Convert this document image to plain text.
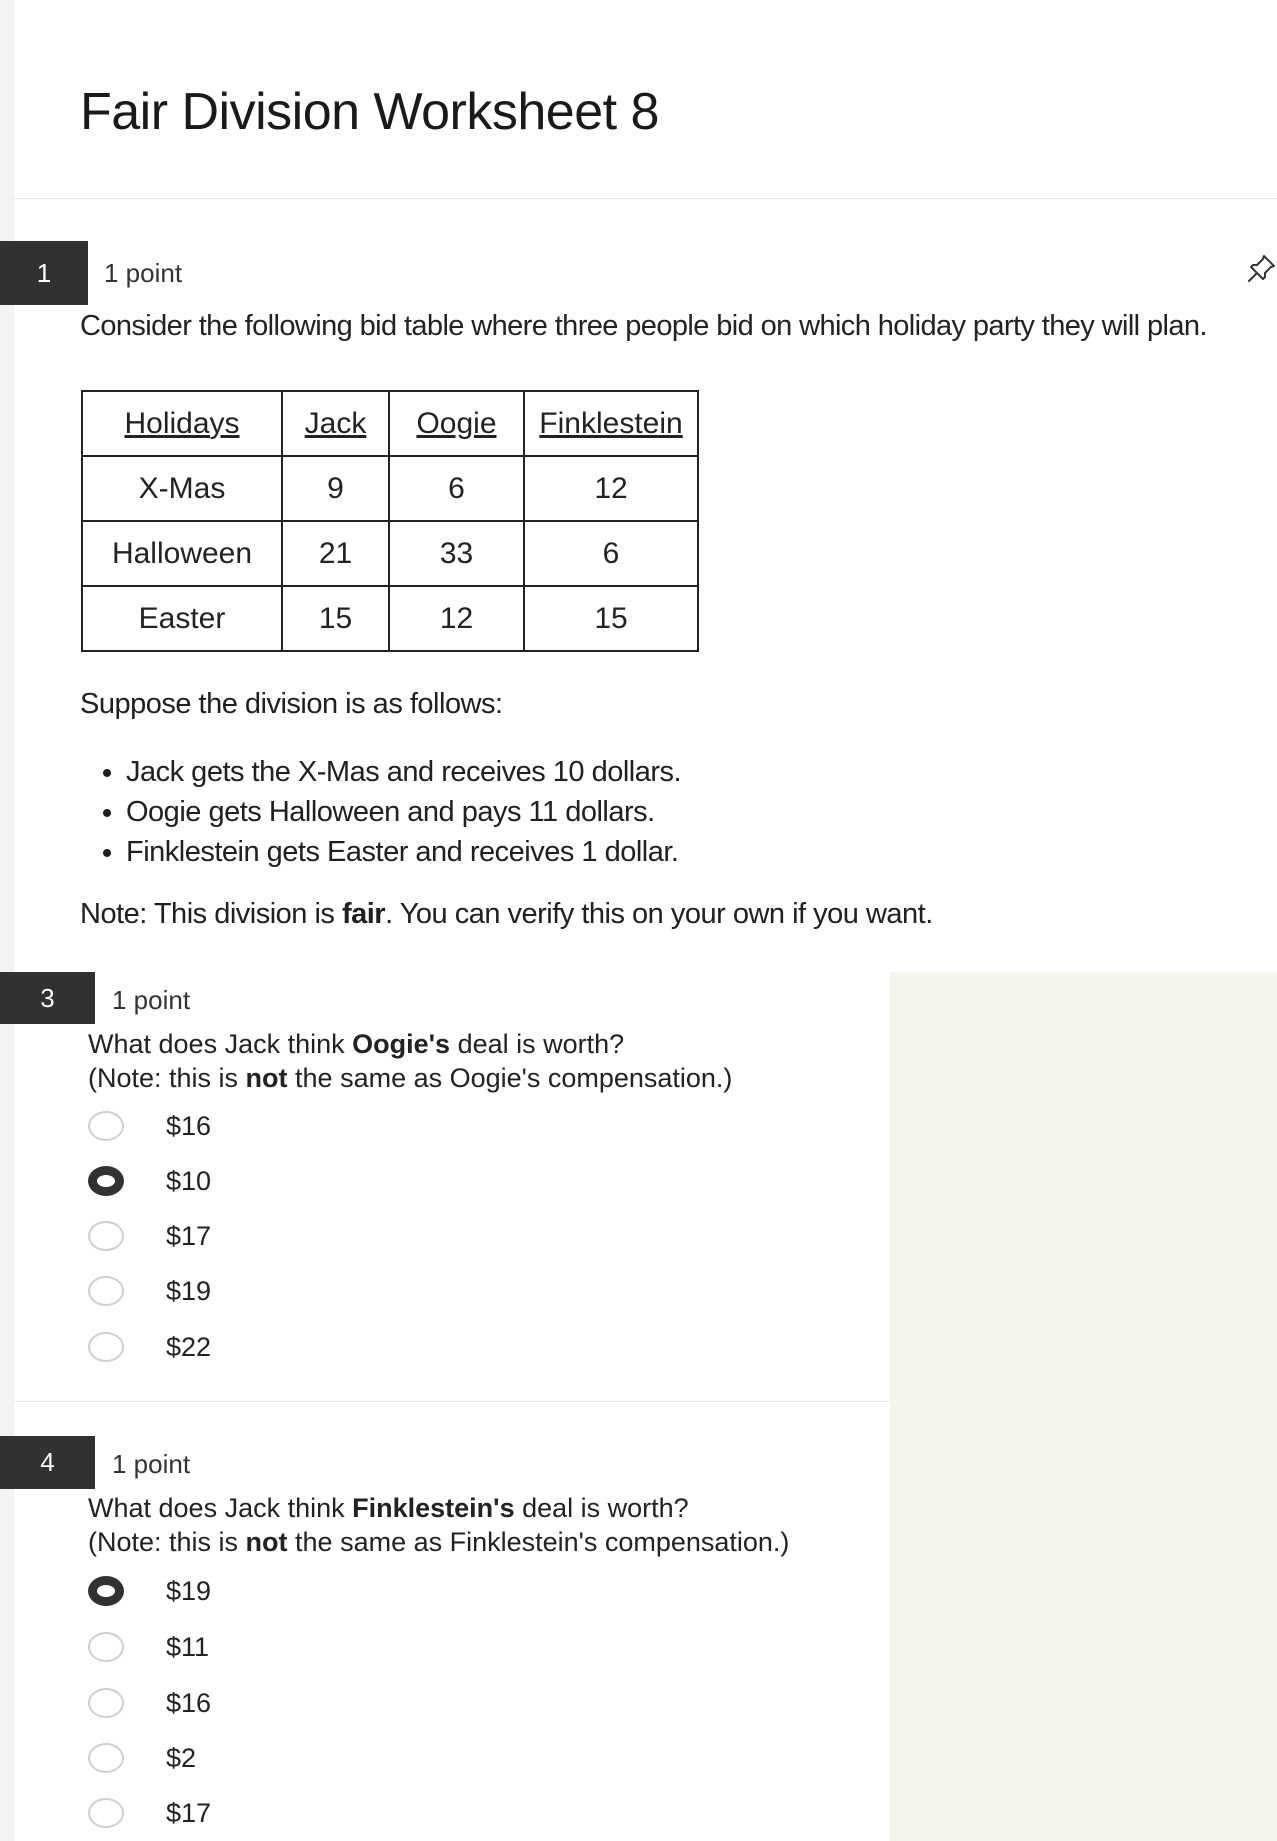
Fair Division Worksheet 8
1	1 point

Consider the following bid table where three people bid on which holiday party they will plan.

Holidays	Jack	Oogie	Finklestein
X-Mas	9	6	12
Halloween	21	33	6
Easter	15	12	15

Suppose the division is as follows:

• Jack gets the X-Mas and receives 10 dollars.
• Oogie gets Halloween and pays 11 dollars.
• Finklestein gets Easter and receives 1 dollar.

Note: This division is fair. You can verify this on your own if you want.

3	1 point

What does Jack think Oogie's deal is worth?
(Note: this is not the same as Oogie's compensation.)

$16
$10
$17
$19
$22
4	1 point

What does Jack think Finklestein's deal is worth?
(Note: this is not the same as Finklestein's compensation.)

$19
$11
$16
$2
$17
